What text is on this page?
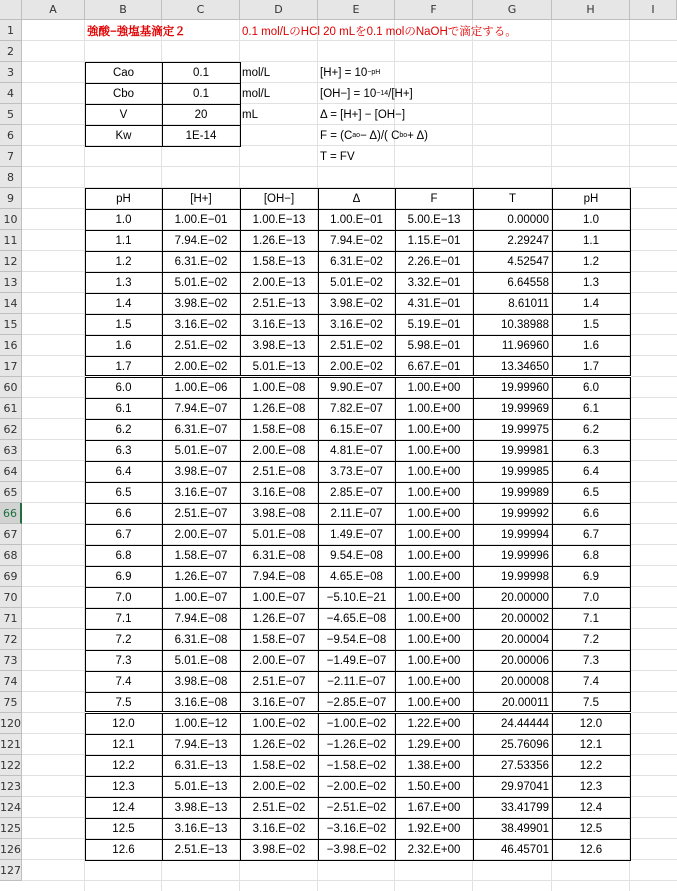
A	B	C	D	E	F	G	H	I
1
2
3
4
5
6
7
8
9
10
11
12
13
14
15
16
17
60
61
62
63
64
65
66
67
68
69
70
71
72
73
74
75
120
121
122
123
124
125
126
127
強酸−強塩基滴定２	0.1 mol/LのHCl 20 mLを0.1 molのNaOHで滴定する。
Cao	0.1	mol/L
Cbo	0.1	mol/L
V	20	mL
Kw	1E-14
[H+] = 10 −pH
[OH−] = 10 −14 /[H+]
Δ = [H+] − [OH−]
F = (C ao − Δ)/( C bo + Δ)
T = FV
pH	[H+]	[OH−]	Δ	F	T	pH
1.0	1.00.E−01	1.00.E−13	1.00.E−01	5.00.E−13	0.00000	1.0
1.1	7.94.E−02	1.26.E−13	7.94.E−02	1.15.E−01	2.29247	1.1
1.2	6.31.E−02	1.58.E−13	6.31.E−02	2.26.E−01	4.52547	1.2
1.3	5.01.E−02	2.00.E−13	5.01.E−02	3.32.E−01	6.64558	1.3
1.4	3.98.E−02	2.51.E−13	3.98.E−02	4.31.E−01	8.61011	1.4
1.5	3.16.E−02	3.16.E−13	3.16.E−02	5.19.E−01	10.38988	1.5
1.6	2.51.E−02	3.98.E−13	2.51.E−02	5.98.E−01	11.96960	1.6
1.7	2.00.E−02	5.01.E−13	2.00.E−02	6.67.E−01	13.34650	1.7
6.0	1.00.E−06	1.00.E−08	9.90.E−07	1.00.E+00	19.99960	6.0
6.1	7.94.E−07	1.26.E−08	7.82.E−07	1.00.E+00	19.99969	6.1
6.2	6.31.E−07	1.58.E−08	6.15.E−07	1.00.E+00	19.99975	6.2
6.3	5.01.E−07	2.00.E−08	4.81.E−07	1.00.E+00	19.99981	6.3
6.4	3.98.E−07	2.51.E−08	3.73.E−07	1.00.E+00	19.99985	6.4
6.5	3.16.E−07	3.16.E−08	2.85.E−07	1.00.E+00	19.99989	6.5
6.6	2.51.E−07	3.98.E−08	2.11.E−07	1.00.E+00	19.99992	6.6
6.7	2.00.E−07	5.01.E−08	1.49.E−07	1.00.E+00	19.99994	6.7
6.8	1.58.E−07	6.31.E−08	9.54.E−08	1.00.E+00	19.99996	6.8
6.9	1.26.E−07	7.94.E−08	4.65.E−08	1.00.E+00	19.99998	6.9
7.0	1.00.E−07	1.00.E−07	−5.10.E−21	1.00.E+00	20.00000	7.0
7.1	7.94.E−08	1.26.E−07	−4.65.E−08	1.00.E+00	20.00002	7.1
7.2	6.31.E−08	1.58.E−07	−9.54.E−08	1.00.E+00	20.00004	7.2
7.3	5.01.E−08	2.00.E−07	−1.49.E−07	1.00.E+00	20.00006	7.3
7.4	3.98.E−08	2.51.E−07	−2.11.E−07	1.00.E+00	20.00008	7.4
7.5	3.16.E−08	3.16.E−07	−2.85.E−07	1.00.E+00	20.00011	7.5
12.0	1.00.E−12	1.00.E−02	−1.00.E−02	1.22.E+00	24.44444	12.0
12.1	7.94.E−13	1.26.E−02	−1.26.E−02	1.29.E+00	25.76096	12.1
12.2	6.31.E−13	1.58.E−02	−1.58.E−02	1.38.E+00	27.53356	12.2
12.3	5.01.E−13	2.00.E−02	−2.00.E−02	1.50.E+00	29.97041	12.3
12.4	3.98.E−13	2.51.E−02	−2.51.E−02	1.67.E+00	33.41799	12.4
12.5	3.16.E−13	3.16.E−02	−3.16.E−02	1.92.E+00	38.49901	12.5
12.6	2.51.E−13	3.98.E−02	−3.98.E−02	2.32.E+00	46.45701	12.6
